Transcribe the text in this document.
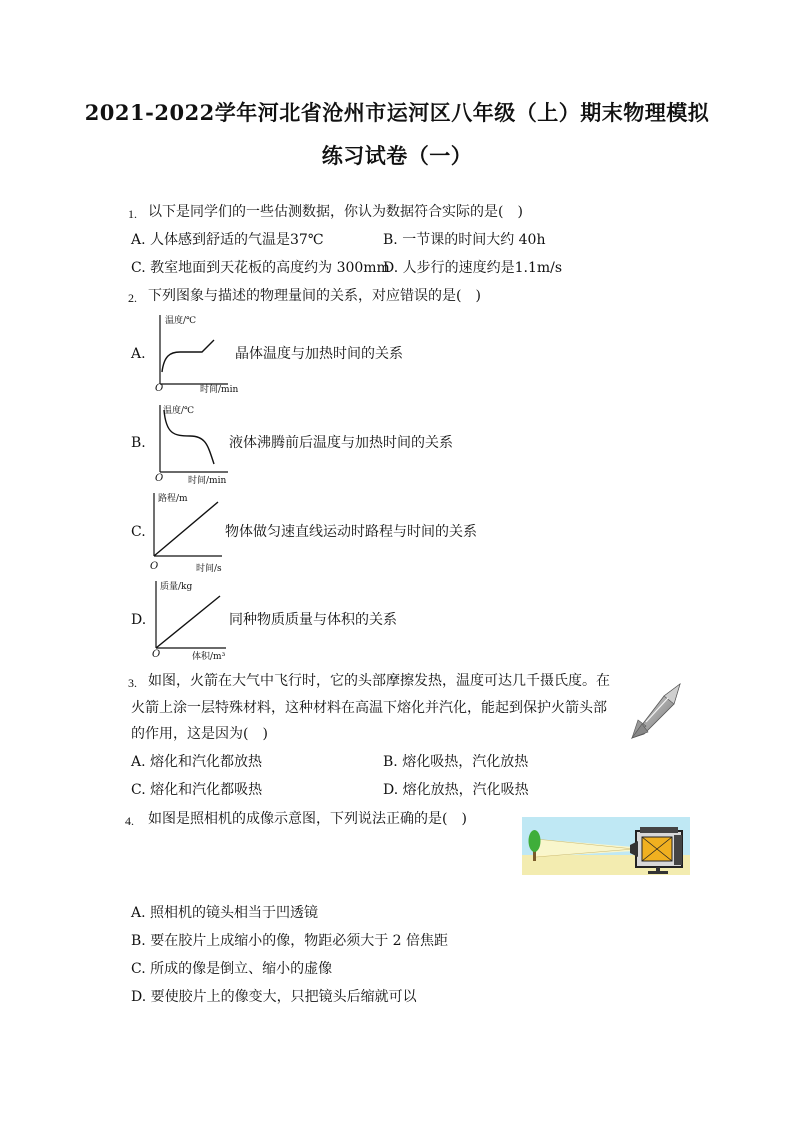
2021-2022学年河北省沧州市运河区八年级（上）期末物理模拟
练习试卷（一）
1. 以下是同学们的一些估测数据，你认为数据符合实际的是(　)
A. 人体感到舒适的气温是37℃	B. 一节课的时间大约 40h
C. 教室地面到天花板的高度约为 300mm
D. 人步行的速度约是1.1m/s
2. 下列图象与描述的物理量间的关系，对应错误的是(　)
A.
温度/℃
时间/min
O
晶体温度与加热时间的关系
B.
温度/℃
时间/min
O
液体沸腾前后温度与加热时间的关系
C.
路程/m
时间/s
O
物体做匀速直线运动时路程与时间的关系
D.
质量/kg
体积/m³
O
同种物质质量与体积的关系
3. 如图，火箭在大气中飞行时，它的头部摩擦发热，温度可达几千摄氏度。在
火箭上涂一层特殊材料，这种材料在高温下熔化并汽化，能起到保护火箭头部
的作用，这是因为(　)
A. 熔化和汽化都放热	B. 熔化吸热，汽化放热
C. 熔化和汽化都吸热	D. 熔化放热，汽化吸热
4. 如图是照相机的成像示意图，下列说法正确的是(　)
A. 照相机的镜头相当于凹透镜
B. 要在胶片上成缩小的像，物距必须大于 2 倍焦距
C. 所成的像是倒立、缩小的虚像
D. 要使胶片上的像变大，只把镜头后缩就可以
